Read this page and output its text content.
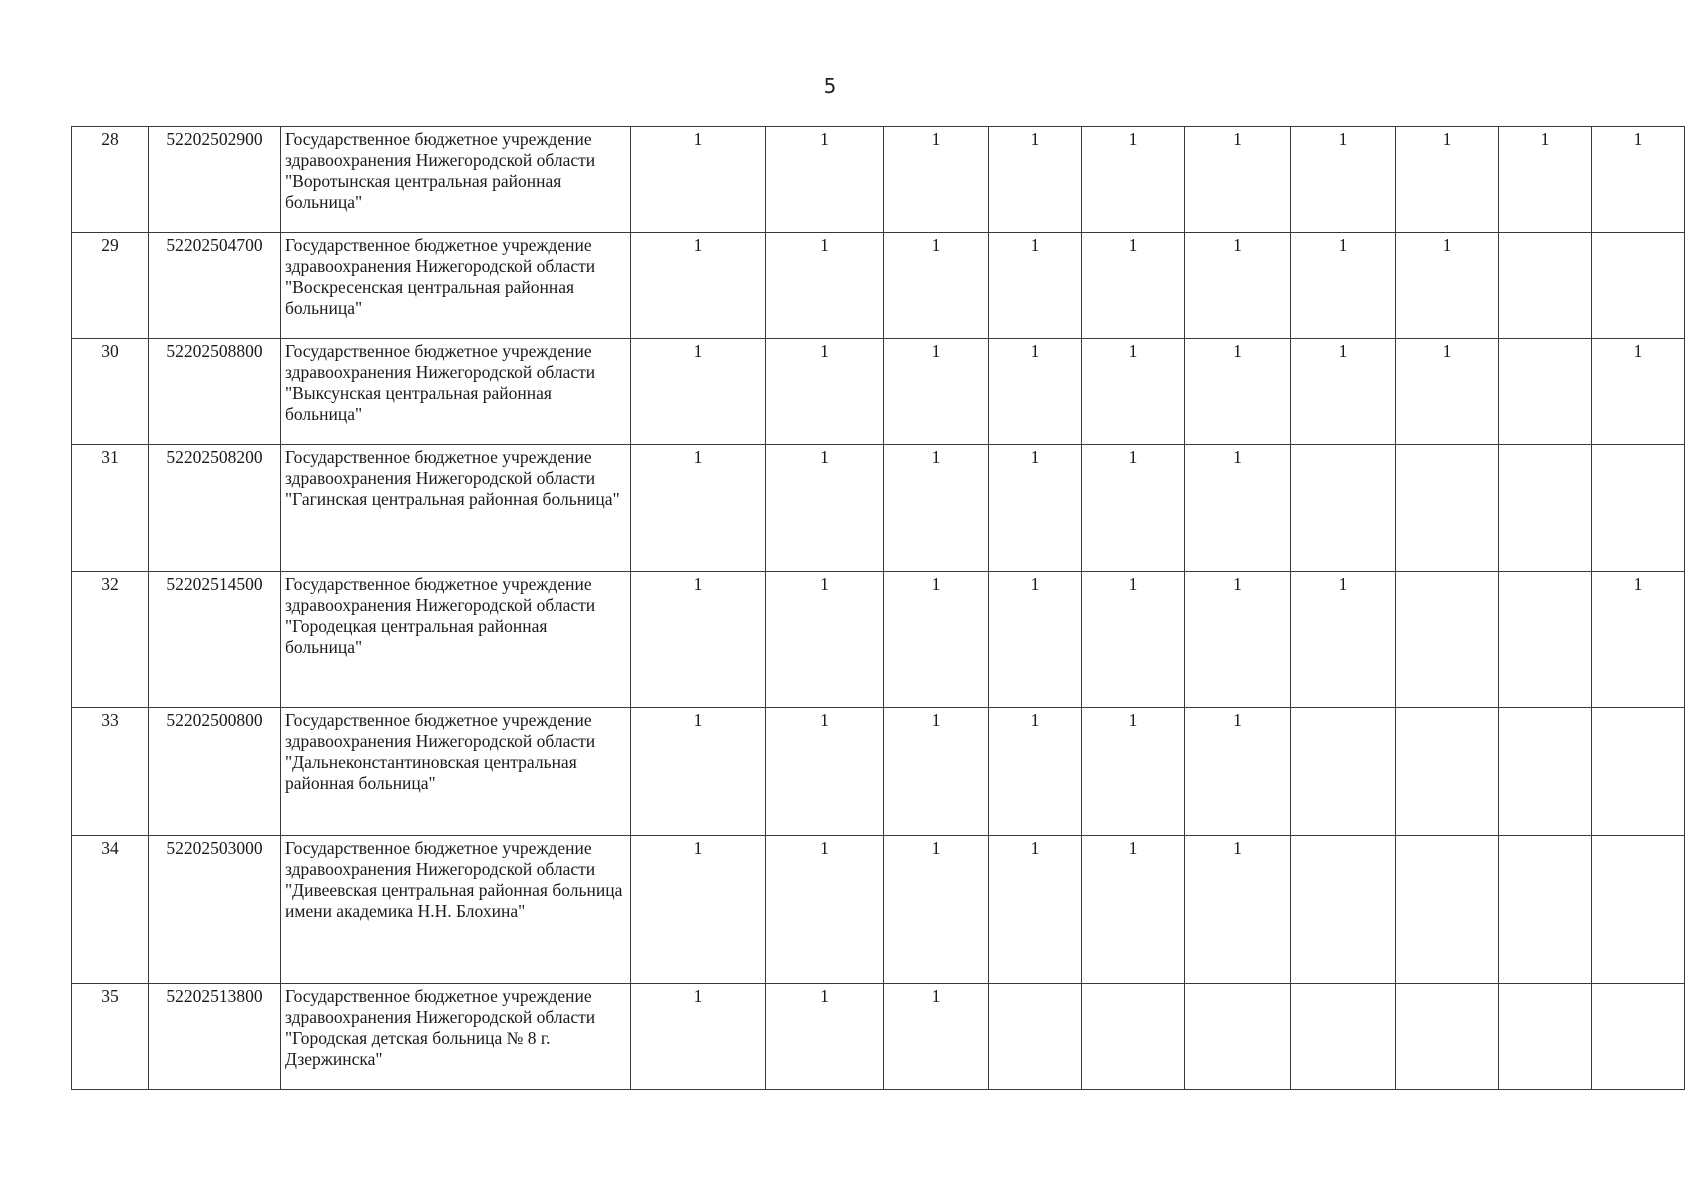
5
28	52202502900	Государственное бюджетное учреждение здравоохранения Нижегородской области "Воротынская центральная районная больница"	1	1	1	1	1	1	1	1	1	1
29	52202504700	Государственное бюджетное учреждение здравоохранения Нижегородской области "Воскресенская центральная районная больница"	1	1	1	1	1	1	1	1		
30	52202508800	Государственное бюджетное учреждение здравоохранения Нижегородской области "Выксунская центральная районная больница"	1	1	1	1	1	1	1	1		1
31	52202508200	Государственное бюджетное учреждение здравоохранения Нижегородской области "Гагинская центральная районная больница"	1	1	1	1	1	1				
32	52202514500	Государственное бюджетное учреждение здравоохранения Нижегородской области "Городецкая центральная районная больница"	1	1	1	1	1	1	1			1
33	52202500800	Государственное бюджетное учреждение здравоохранения Нижегородской области "Дальнеконстантиновская центральная районная больница"	1	1	1	1	1	1				
34	52202503000	Государственное бюджетное учреждение здравоохранения Нижегородской области "Дивеевская центральная районная больница имени академика Н.Н. Блохина"	1	1	1	1	1	1				
35	52202513800	Государственное бюджетное учреждение здравоохранения Нижегородской области "Городская детская больница № 8 г. Дзержинска"	1	1	1							
